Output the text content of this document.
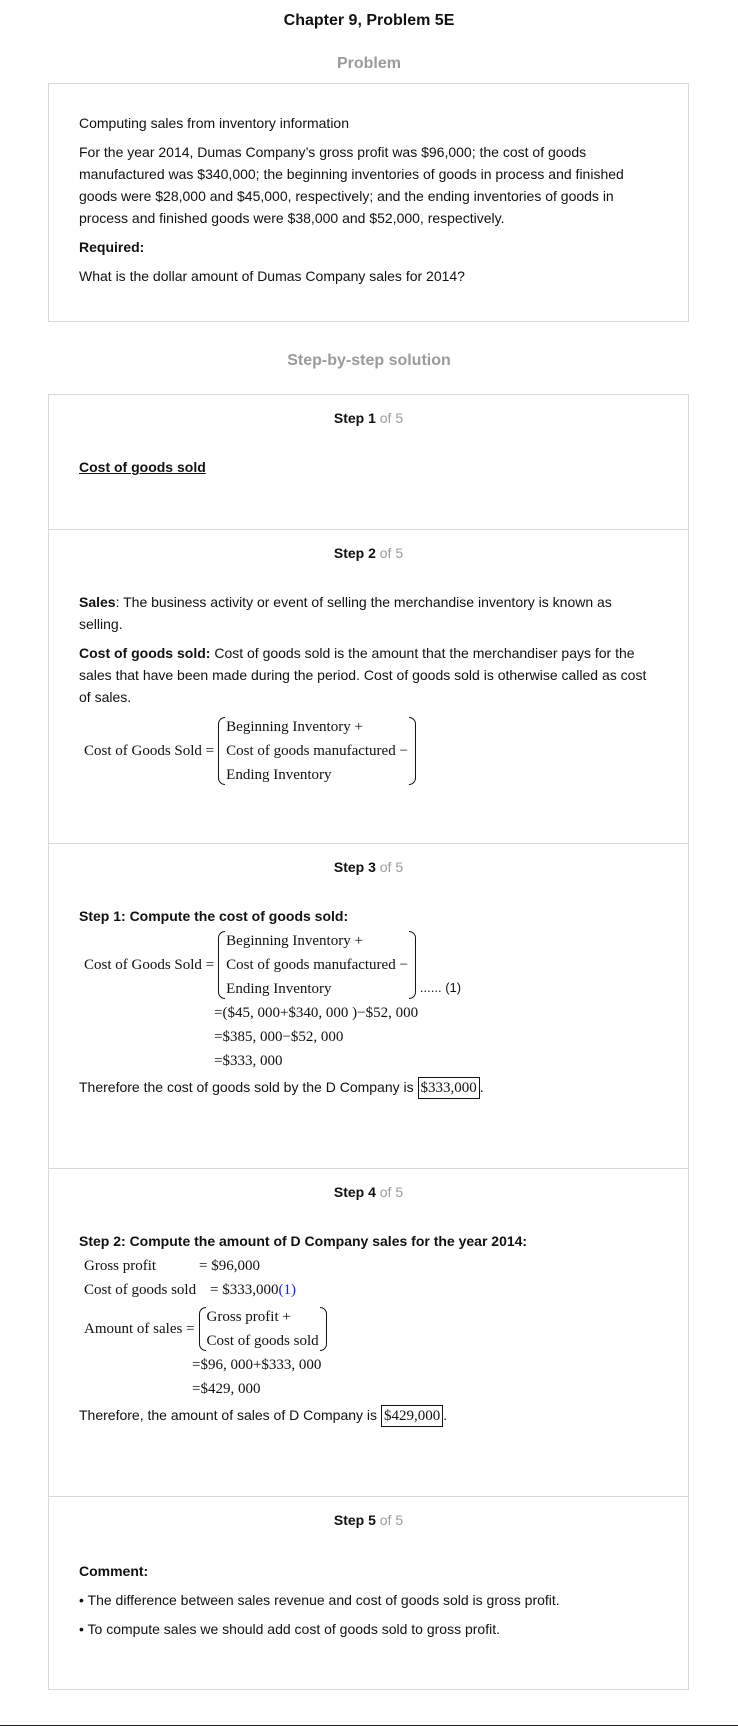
Chapter 9, Problem 5E
Problem

Computing sales from inventory information

For the year 2014, Dumas Company’s gross profit was $96,000; the cost of goods manufactured was $340,000; the beginning inventories of goods in process and finished goods were $28,000 and $45,000, respectively; and the ending inventories of goods in process and finished goods were $38,000 and $52,000, respectively.

Required:

What is the dollar amount of Dumas Company sales for 2014?

Step-by-step solution
Step 1 of 5

Cost of goods sold

Step 2 of 5

Sales: The business activity or event of selling the merchandise inventory is known as selling.

Cost of goods sold: Cost of goods sold is the amount that the merchandiser pays for the sales that have been made during the period. Cost of goods sold is otherwise called as cost of sales.

Cost of Goods Sold =
Beginning Inventory +
Cost of goods manufactured −
Ending Inventory
Step 3 of 5

Step 1: Compute the cost of goods sold:

Cost of Goods Sold =
Beginning Inventory +
Cost of goods manufactured −
Ending Inventory	...... (1)
=($45, 000+$340, 000 )−$52, 000
=$385, 000−$52, 000
=$333, 000

Therefore the cost of goods sold by the D Company is $333,000 .

Step 4 of 5

Step 2: Compute the amount of D Company sales for the year 2014:

Gross profit	= $96,000
Cost of goods sold = $333,000(1)
Amount of sales =
Gross profit +
Cost of goods sold
=$96, 000+$333, 000
=$429, 000

Therefore, the amount of sales of D Company is $429,000 .

Step 5 of 5

Comment:

• The difference between sales revenue and cost of goods sold is gross profit.

• To compute sales we should add cost of goods sold to gross profit.
